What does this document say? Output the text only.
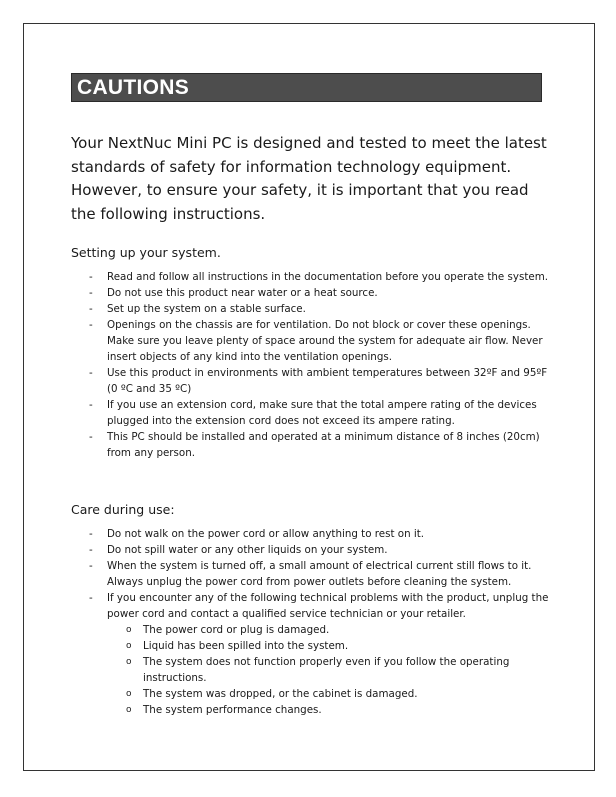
CAUTIONS

Your NextNuc Mini PC is designed and tested to meet the latest standards of safety for information technology equipment. However, to ensure your safety, it is important that you read the following instructions.

Setting up your system.
- Read and follow all instructions in the documentation before you operate the system.
- Do not use this product near water or a heat source.
- Set up the system on a stable surface.
- Openings on the chassis are for ventilation. Do not block or cover these openings. Make sure you leave plenty of space around the system for adequate air flow. Never insert objects of any kind into the ventilation openings.
- Use this product in environments with ambient temperatures between 32ºF and 95ºF (0 ºC and 35 ºC)
- If you use an extension cord, make sure that the total ampere rating of the devices plugged into the extension cord does not exceed its ampere rating.
- This PC should be installed and operated at a minimum distance of 8 inches (20cm) from any person.
Care during use:
- Do not walk on the power cord or allow anything to rest on it.
- Do not spill water or any other liquids on your system.
- When the system is turned off, a small amount of electrical current still flows to it. Always unplug the power cord from power outlets before cleaning the system.
- If you encounter any of the following technical problems with the product, unplug the power cord and contact a qualified service technician or your retailer.
o The power cord or plug is damaged.
o Liquid has been spilled into the system.
o The system does not function properly even if you follow the operating instructions.
o The system was dropped, or the cabinet is damaged.
o The system performance changes.
